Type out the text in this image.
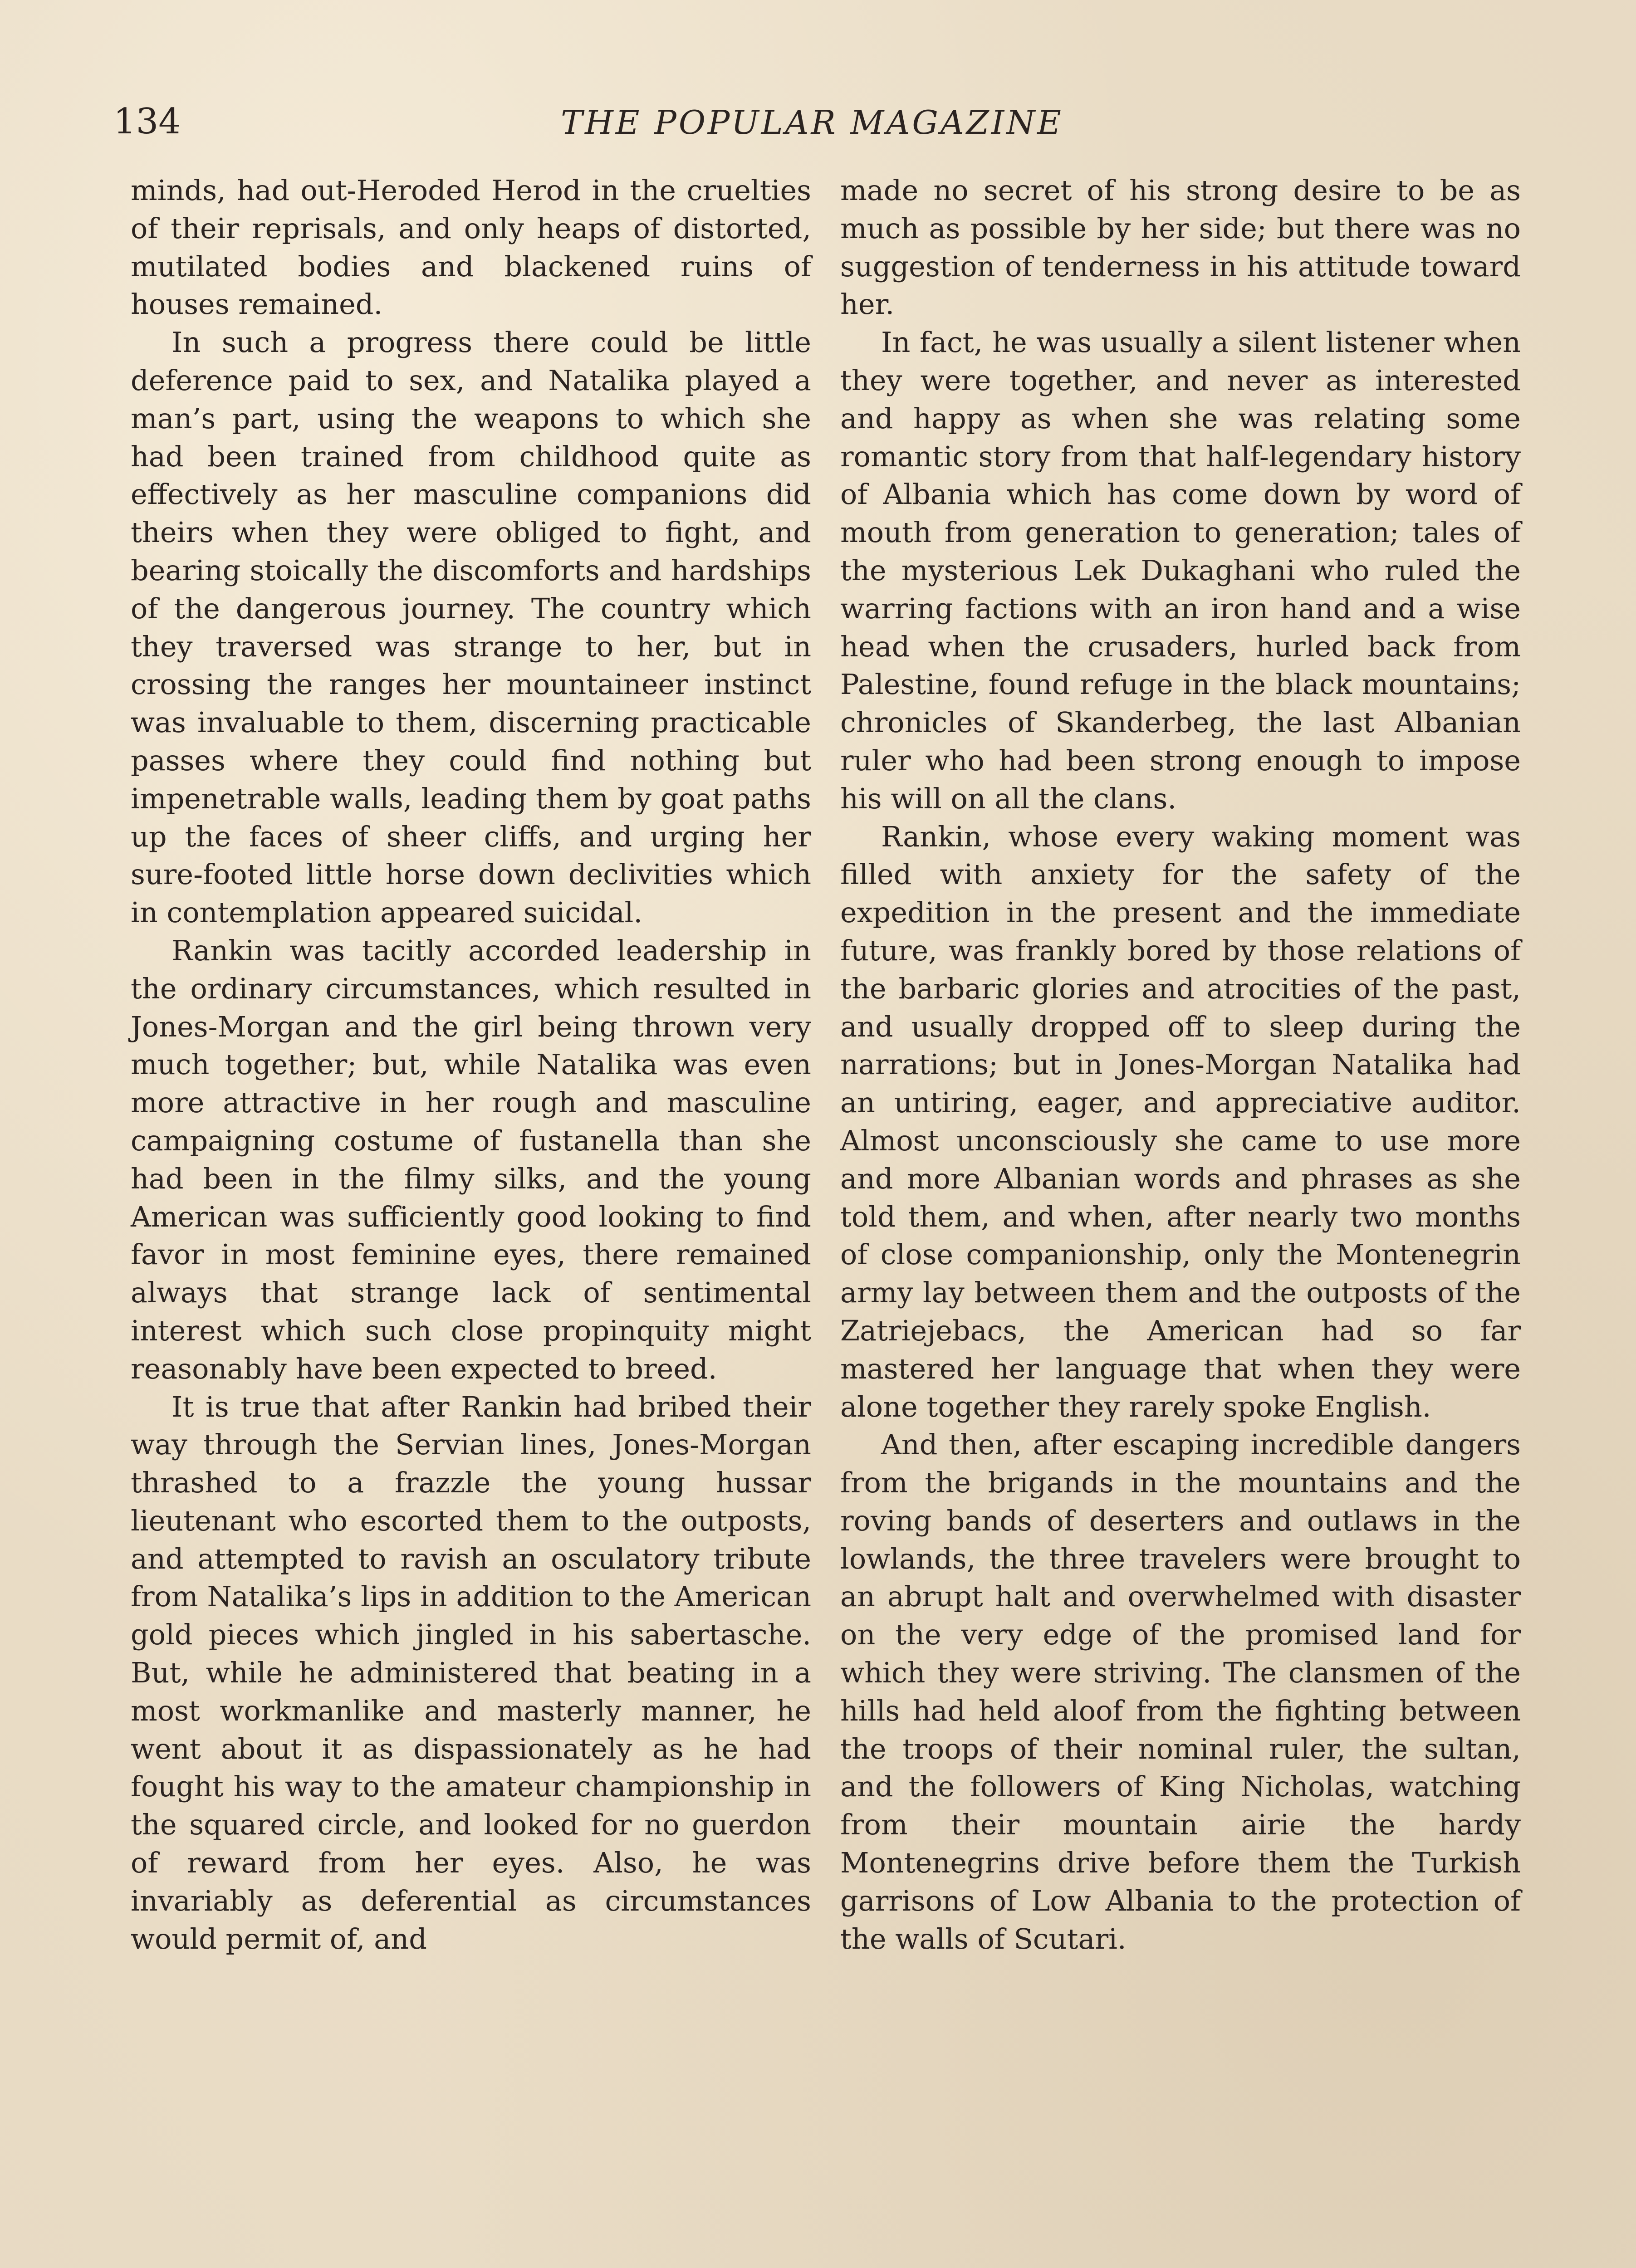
134	THE POPULAR MAGAZINE

minds, had out-Heroded Herod in the cruelties of their reprisals, and only heaps of distorted, mutilated bodies and blackened ruins of houses remained.

In such a progress there could be little deference paid to sex, and Natalika played a man’s part, using the weapons to which she had been trained from childhood quite as effectively as her masculine companions did theirs when they were obliged to fight, and bearing stoically the discomforts and hardships of the dangerous journey. The country which they traversed was strange to her, but in crossing the ranges her mountaineer instinct was invaluable to them, discerning practicable passes where they could find nothing but impenetrable walls, leading them by goat paths up the faces of sheer cliffs, and urging her sure-footed little horse down declivities which in contemplation appeared suicidal.

Rankin was tacitly accorded leadership in the ordinary circumstances, which resulted in Jones-Morgan and the girl being thrown very much together; but, while Natalika was even more attractive in her rough and masculine campaigning costume of fustanella than she had been in the filmy silks, and the young American was sufficiently good looking to find favor in most feminine eyes, there remained always that strange lack of sentimental interest which such close propinquity might reasonably have been expected to breed.

It is true that after Rankin had bribed their way through the Servian lines, Jones-Morgan thrashed to a frazzle the young hussar lieutenant who escorted them to the outposts, and attempted to ravish an osculatory tribute from Natalika’s lips in addition to the American gold pieces which jingled in his sabertasche. But, while he administered that beating in a most workmanlike and masterly manner, he went about it as dispassionately as he had fought his way to the amateur championship in the squared circle, and looked for no guerdon of reward from her eyes. Also, he was invariably as deferential as circumstances would permit of, and

made no secret of his strong desire to be as much as possible by her side; but there was no suggestion of tenderness in his attitude toward her.

In fact, he was usually a silent listener when they were together, and never as interested and happy as when she was relating some romantic story from that half-legendary history of Albania which has come down by word of mouth from generation to generation; tales of the mysterious Lek Dukaghani who ruled the warring factions with an iron hand and a wise head when the crusaders, hurled back from Palestine, found refuge in the black mountains; chronicles of Skanderbeg, the last Albanian ruler who had been strong enough to impose his will on all the clans.

Rankin, whose every waking moment was filled with anxiety for the safety of the expedition in the present and the immediate future, was frankly bored by those relations of the barbaric glories and atrocities of the past, and usually dropped off to sleep during the narrations; but in Jones-Morgan Natalika had an untiring, eager, and appreciative auditor. Almost unconsciously she came to use more and more Albanian words and phrases as she told them, and when, after nearly two months of close companionship, only the Montenegrin army lay between them and the outposts of the Zatriejebacs, the American had so far mastered her language that when they were alone together they rarely spoke English.

And then, after escaping incredible dangers from the brigands in the mountains and the roving bands of deserters and outlaws in the lowlands, the three travelers were brought to an abrupt halt and overwhelmed with disaster on the very edge of the promised land for which they were striving. The clansmen of the hills had held aloof from the fighting between the troops of their nominal ruler, the sultan, and the followers of King Nicholas, watching from their mountain airie the hardy Montenegrins drive before them the Turkish garrisons of Low Albania to the protection of the walls of Scutari.
